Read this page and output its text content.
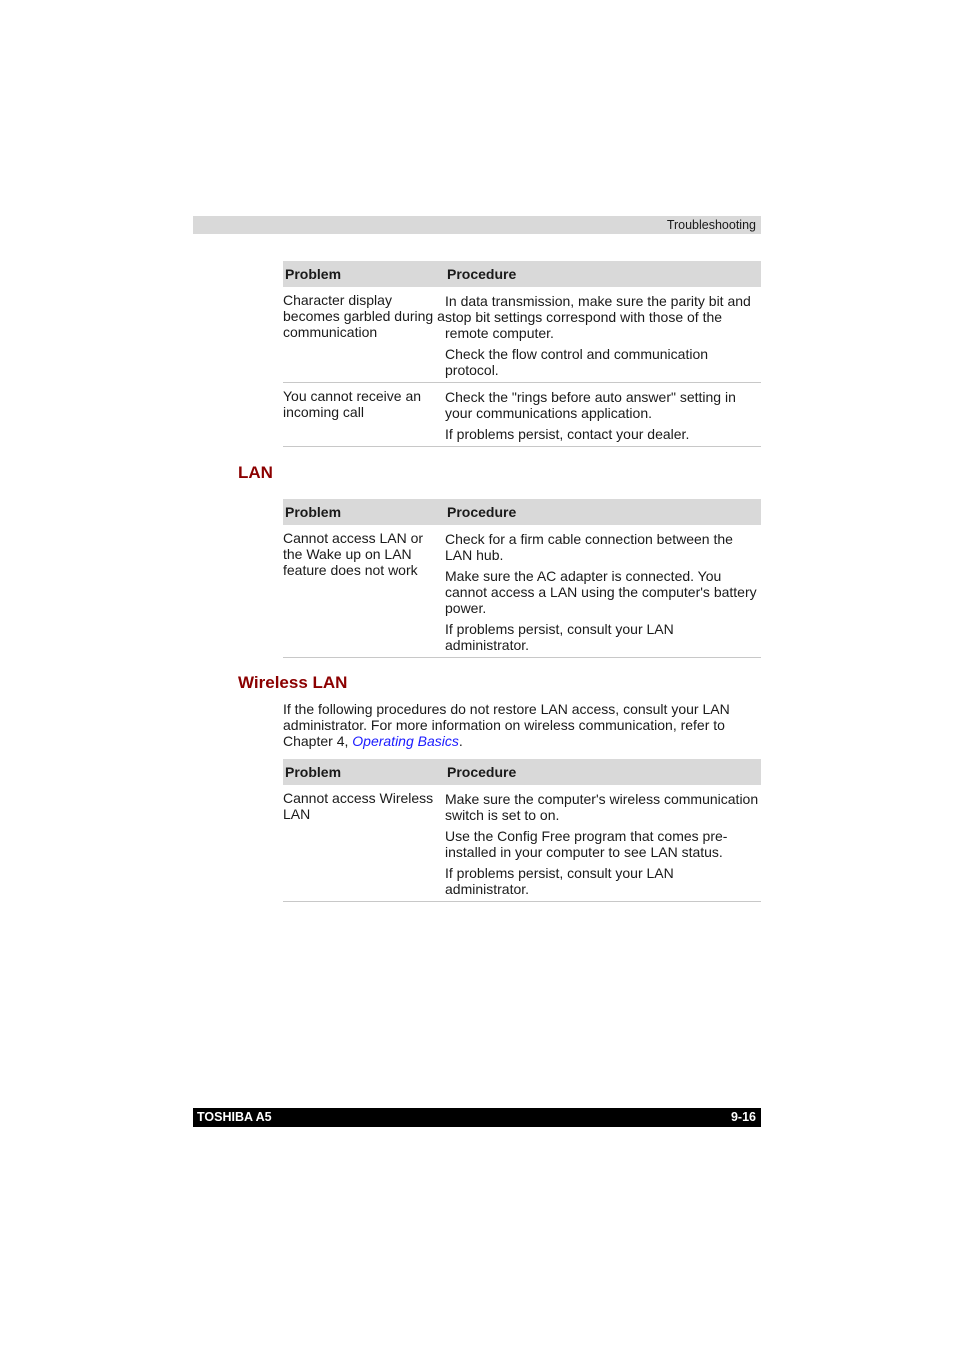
Troubleshooting
Problem	Procedure
Character display becomes garbled during a communication	In data transmission, make sure the parity bit and stop bit settings correspond with those of the remote computer.
Check the flow control and communication protocol.

You cannot receive an incoming call	Check the "rings before auto answer" setting in your communications application.
If problems persist, contact your dealer.
LAN
Problem	Procedure
Cannot access LAN or the Wake up on LAN feature does not work	Check for a firm cable connection between the LAN hub.
Make sure the AC adapter is connected. You cannot access a LAN using the computer's battery power.
If problems persist, consult your LAN administrator.
Wireless LAN

If the following procedures do not restore LAN access, consult your LAN administrator. For more information on wireless communication, refer to Chapter 4, Operating Basics.

Problem	Procedure
Cannot access Wireless LAN	Make sure the computer's wireless communication switch is set to on.
Use the Config Free program that comes pre-installed in your computer to see LAN status.
If problems persist, consult your LAN administrator.
TOSHIBA A5	9-16
